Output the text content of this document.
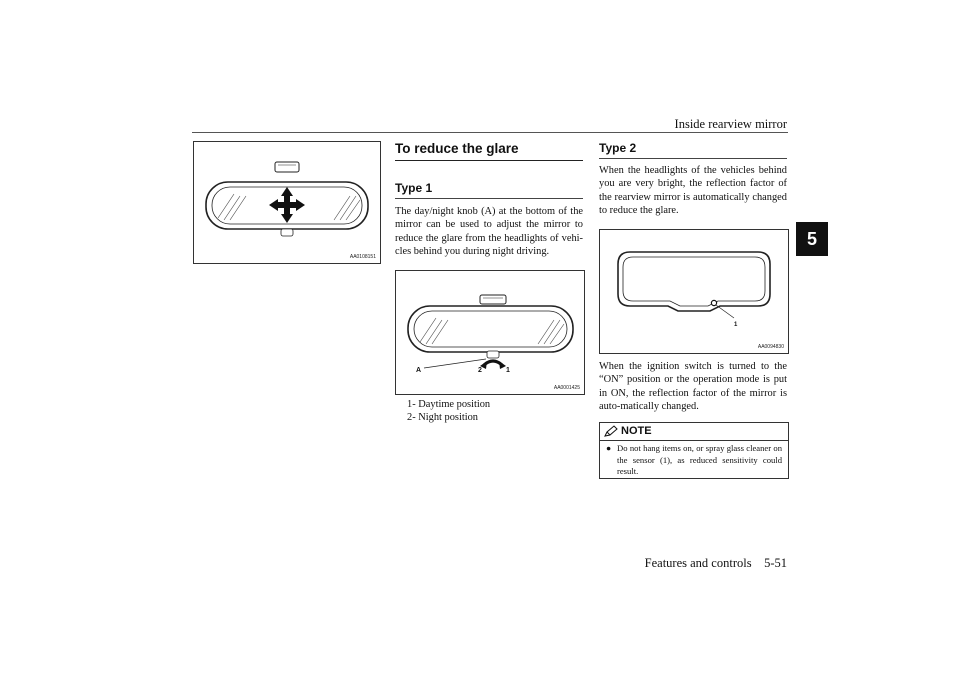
Inside rearview mirror
5
AA0108151
To reduce the glare
Type 1
The day/night knob (A) at the bottom of the mirror can be used to adjust the mirror to reduce the glare from the headlights of vehi-cles behind you during night driving.
A	2	1
AA0001425
1- Daytime position
2- Night position
Type 2
When the headlights of the vehicles behind you are very bright, the reflection factor of the rearview mirror is automatically changed to reduce the glare.
1
AA0094830
When the ignition switch is turned to the “ON” position or the operation mode is put in ON, the reflection factor of the mirror is auto-matically changed.
NOTE
● Do not hang items on, or spray glass cleaner on the sensor (1), as reduced sensitivity could result.
Features and controls 5-51
